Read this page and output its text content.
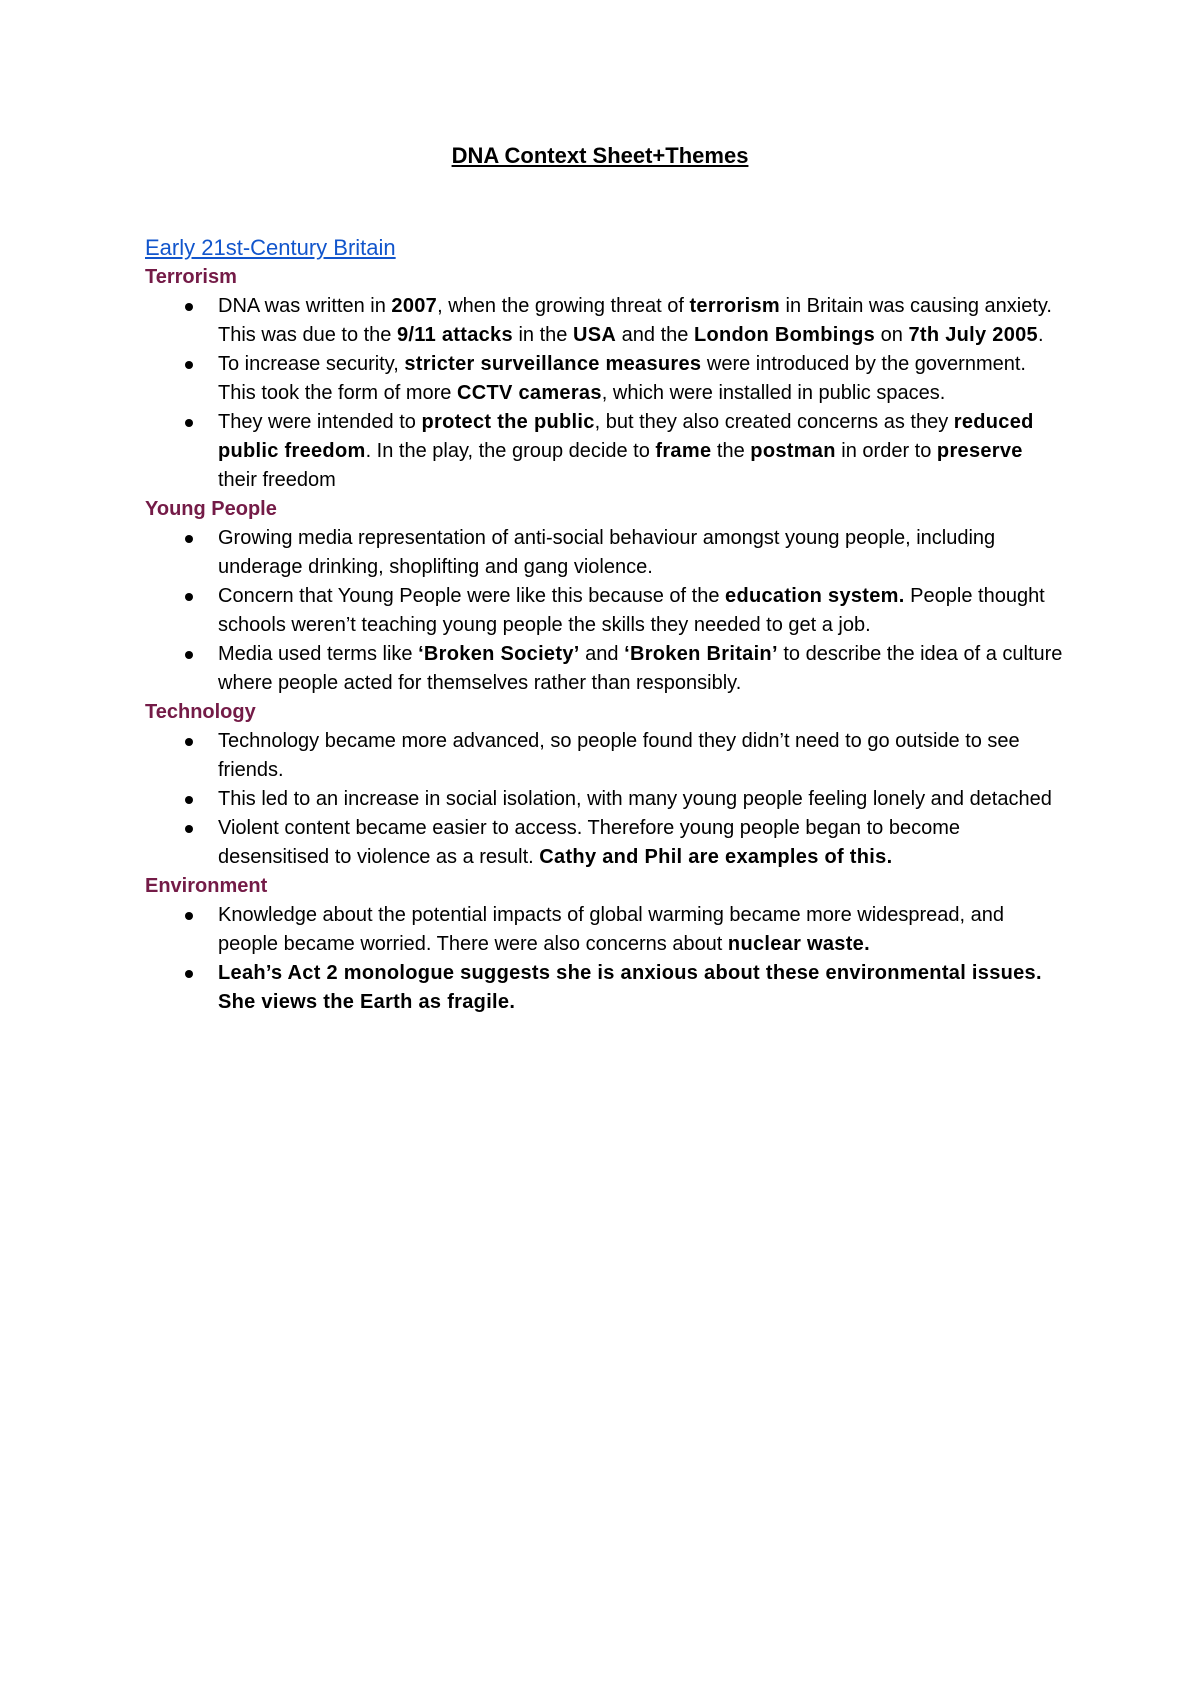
DNA Context Sheet+Themes
Early 21st-Century Britain
Terrorism
DNA was written in 2007, when the growing threat of terrorism in Britain was causing anxiety. This was due to the 9/11 attacks in the USA and the London Bombings on 7th July 2005.
To increase security, stricter surveillance measures were introduced by the government. This took the form of more CCTV cameras, which were installed in public spaces.
They were intended to protect the public, but they also created concerns as they reduced public freedom. In the play, the group decide to frame the postman in order to preserve their freedom
Young People
Growing media representation of anti-social behaviour amongst young people, including underage drinking, shoplifting and gang violence.
Concern that Young People were like this because of the education system. People thought schools weren’t teaching young people the skills they needed to get a job.
Media used terms like ‘Broken Society’ and ‘Broken Britain’ to describe the idea of a culture where people acted for themselves rather than responsibly.
Technology
Technology became more advanced, so people found they didn’t need to go outside to see friends.
This led to an increase in social isolation, with many young people feeling lonely and detached
Violent content became easier to access. Therefore young people began to become desensitised to violence as a result. Cathy and Phil are examples of this.
Environment
Knowledge about the potential impacts of global warming became more widespread, and people became worried. There were also concerns about nuclear waste.
Leah’s Act 2 monologue suggests she is anxious about these environmental issues. She views the Earth as fragile.
